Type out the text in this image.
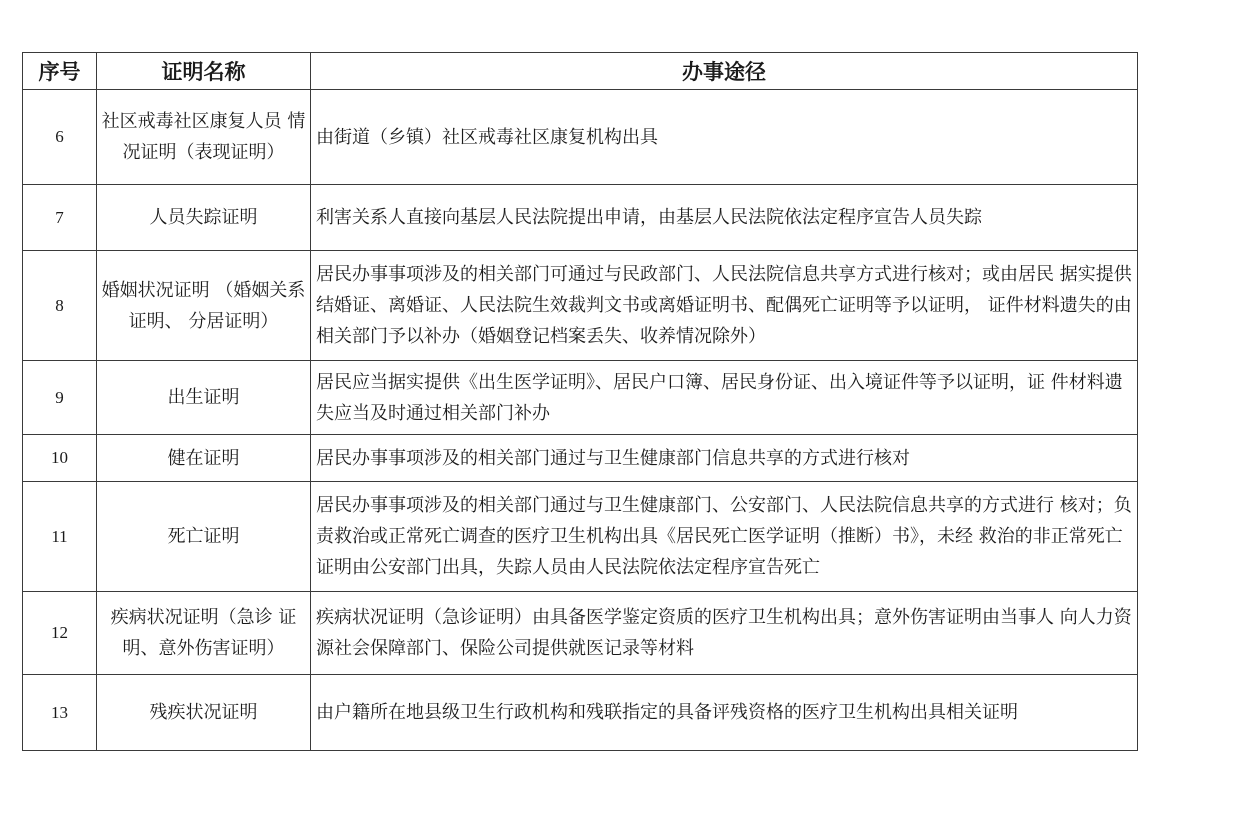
序号	证明名称	办事途径
6	社区戒毒社区康复人员 情况证明（表现证明）	由街道（乡镇）社区戒毒社区康复机构出具
7	人员失踪证明	利害关系人直接向基层人民法院提出申请，由基层人民法院依法定程序宣告人员失踪
8	婚姻状况证明 （婚姻关系证明、 分居证明）	居民办事事项涉及的相关部门可通过与民政部门、人民法院信息共享方式进行核对；或由居民 据实提供结婚证、离婚证、人民法院生效裁判文书或离婚证明书、配偶死亡证明等予以证明， 证件材料遗失的由相关部门予以补办（婚姻登记档案丢失、收养情况除外）
9	出生证明	居民应当据实提供《出生医学证明》、居民户口簿、居民身份证、出入境证件等予以证明，证 件材料遗失应当及时通过相关部门补办
10	健在证明	居民办事事项涉及的相关部门通过与卫生健康部门信息共享的方式进行核对
11	死亡证明	居民办事事项涉及的相关部门通过与卫生健康部门、公安部门、人民法院信息共享的方式进行 核对；负责救治或正常死亡调查的医疗卫生机构出具《居民死亡医学证明（推断）书》，未经 救治的非正常死亡证明由公安部门出具，失踪人员由人民法院依法定程序宣告死亡
12	疾病状况证明（急诊 证明、意外伤害证明）	疾病状况证明（急诊证明）由具备医学鉴定资质的医疗卫生机构出具；意外伤害证明由当事人 向人力资源社会保障部门、保险公司提供就医记录等材料
13	残疾状况证明	由户籍所在地县级卫生行政机构和残联指定的具备评残资格的医疗卫生机构出具相关证明
